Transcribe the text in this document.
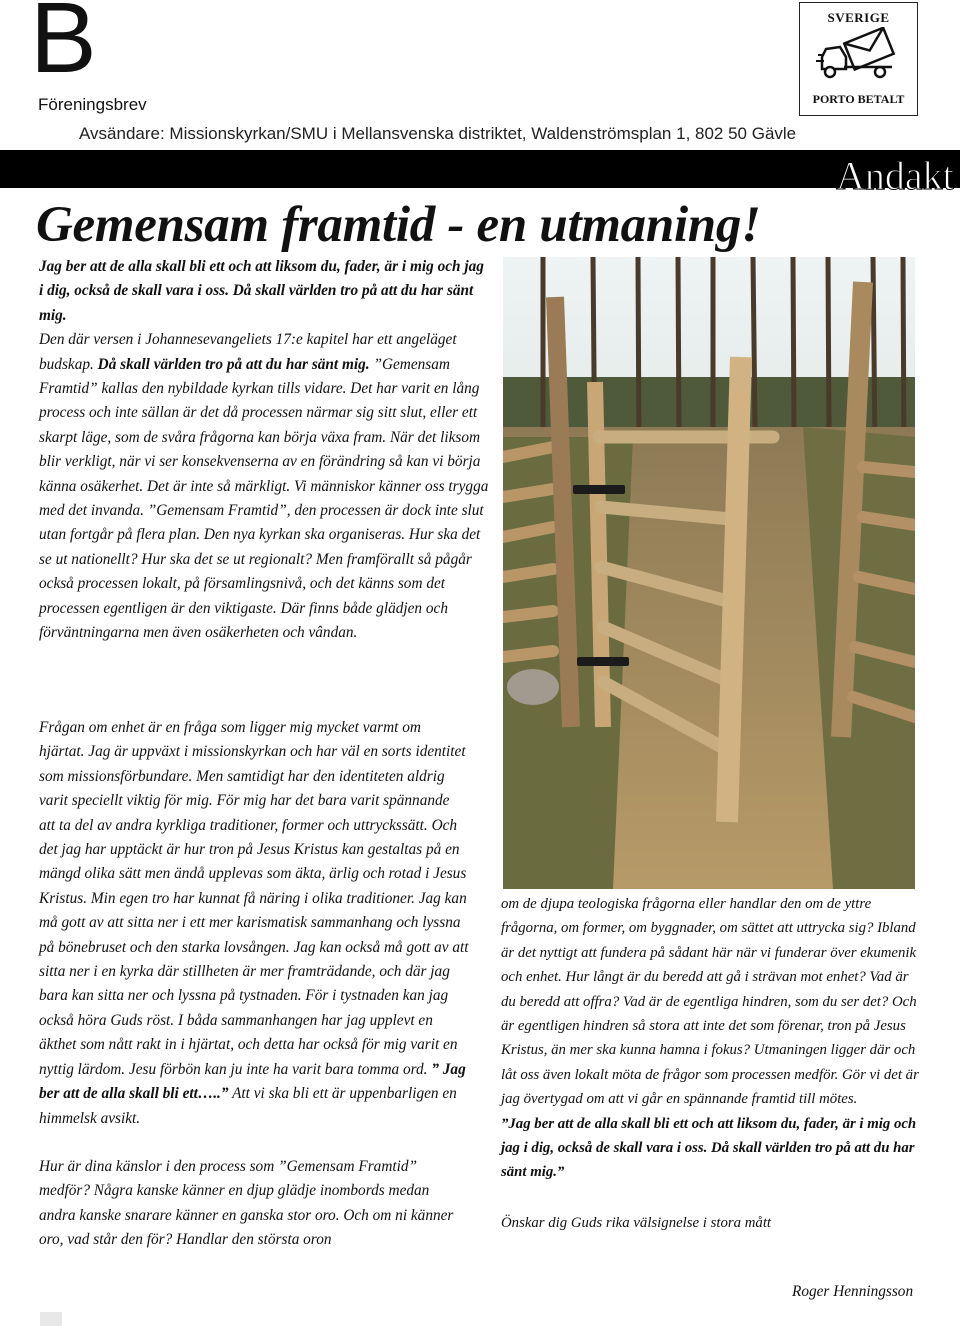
B
Föreningsbrev
Avsändare: Missionskyrkan/SMU i Mellansvenska distriktet, Waldenströmsplan 1, 802 50 Gävle
SVERIGE
PORTO BETALT
Andakt
Gemensam framtid - en utmaning!

Jag ber att de alla skall bli ett och att liksom du, fader, är i mig och jag i dig, också de skall vara i oss. Då skall världen tro på att du har sänt mig.

Den där versen i Johannesevangeliets 17:e kapitel har ett angeläget budskap. Då skall världen tro på att du har sänt mig. ”Gemensam Framtid” kallas den nybildade kyrkan tills vidare. Det har varit en lång process och inte sällan är det då processen närmar sig sitt slut, eller ett skarpt läge, som de svåra frågorna kan börja växa fram. När det liksom blir verkligt, när vi ser konsekvenserna av en förändring så kan vi börja känna osäkerhet. Det är inte så märkligt. Vi människor känner oss trygga med det invanda. ”Gemensam Framtid”, den processen är dock inte slut utan fortgår på flera plan. Den nya kyrkan ska organiseras. Hur ska det se ut nationellt? Hur ska det se ut regionalt? Men framförallt så pågår också processen lokalt, på församlingsnivå, och det känns som det processen egentligen är den viktigaste. Där finns både glädjen och förväntningarna men även osäkerheten och vândan.

Frågan om enhet är en fråga som ligger mig mycket varmt om hjärtat. Jag är uppväxt i missionskyrkan och har väl en sorts identitet som missionsförbundare. Men samtidigt har den identiteten aldrig varit speciellt viktig för mig. För mig har det bara varit spännande att ta del av andra kyrkliga traditioner, former och uttryckssätt. Och det jag har upptäckt är hur tron på Jesus Kristus kan gestaltas på en mängd olika sätt men ändå upplevas som äkta, ärlig och rotad i Jesus Kristus. Min egen tro har kunnat få näring i olika traditioner. Jag kan må gott av att sitta ner i ett mer karismatisk sammanhang och lyssna på bönebruset och den starka lovsången. Jag kan också må gott av att sitta ner i en kyrka där stillheten är mer framträdande, och där jag bara kan sitta ner och lyssna på tystnaden. För i tystnaden kan jag också höra Guds röst. I båda sammanhangen har jag upplevt en äkthet som nått rakt in i hjärtat, och detta har också för mig varit en nyttig lärdom. Jesu förbön kan ju inte ha varit bara tomma ord. ” Jag ber att de alla skall bli ett…..” Att vi ska bli ett är uppenbarligen en himmelsk avsikt.

Hur är dina känslor i den process som ”Gemensam Framtid” medför? Några kanske känner en djup glädje inombords medan andra kanske snarare känner en ganska stor oro. Och om ni känner oro, vad står den för? Handlar den största oron

om de djupa teologiska frågorna eller handlar den om de yttre frågorna, om former, om byggnader, om sättet att uttrycka sig? Ibland är det nyttigt att fundera på sådant här när vi funderar över ekumenik och enhet. Hur långt är du beredd att gå i strävan mot enhet? Vad är du beredd att offra? Vad är de egentliga hindren, som du ser det? Och är egentligen hindren så stora att inte det som förenar, tron på Jesus Kristus, än mer ska kunna hamna i fokus? Utmaningen ligger där och låt oss även lokalt möta de frågor som processen medför. Gör vi det är jag övertygad om att vi går en spännande framtid till mötes.

”Jag ber att de alla skall bli ett och att liksom du, fader, är i mig och jag i dig, också de skall vara i oss. Då skall världen tro på att du har sänt mig.”

Önskar dig Guds rika välsignelse i stora mått

Roger Henningsson
